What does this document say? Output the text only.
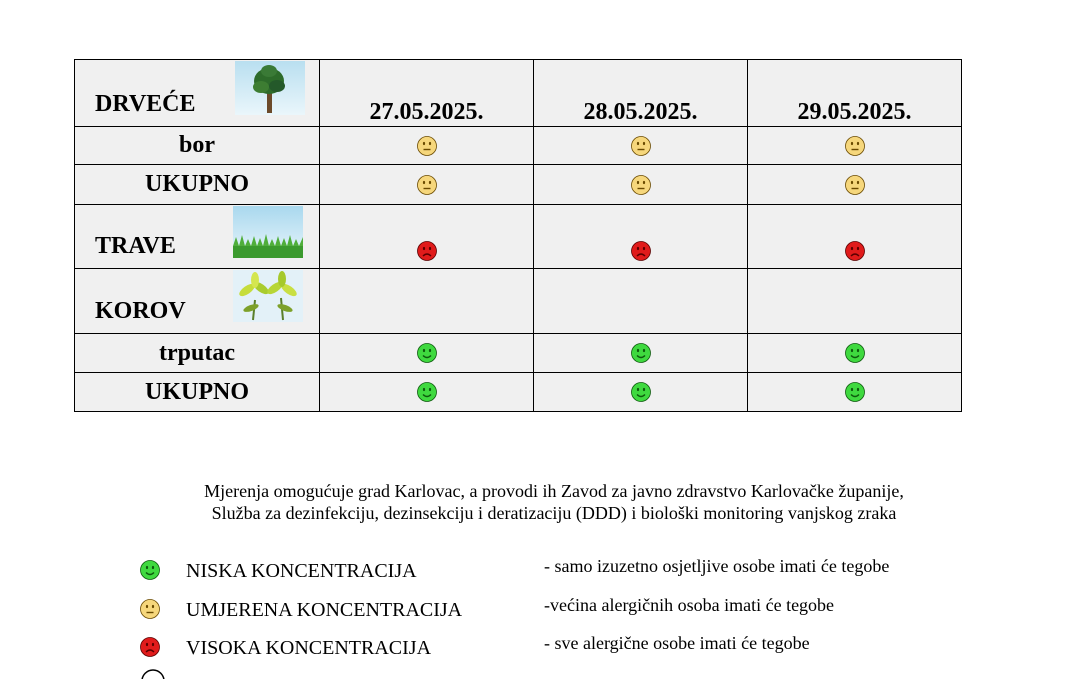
DRVEĆE	27.05.2025.	28.05.2025.	29.05.2025.
bor			
UKUPNO			

TRAVE

KOROV			

trputac			
UKUPNO			
Mjerenja omogućuje grad Karlovac, a provodi ih Zavod za javno zdravstvo Karlovačke županije,
Služba za dezinfekciju, dezinsekciju i deratizaciju (DDD) i biološki monitoring vanjskog zraka
NISKA KONCENTRACIJA	- samo izuzetno osjetljive osobe imati će tegobe
UMJERENA KONCENTRACIJA	-većina alergičnih osoba imati će tegobe
VISOKA KONCENTRACIJA	- sve alergične osobe imati će tegobe
